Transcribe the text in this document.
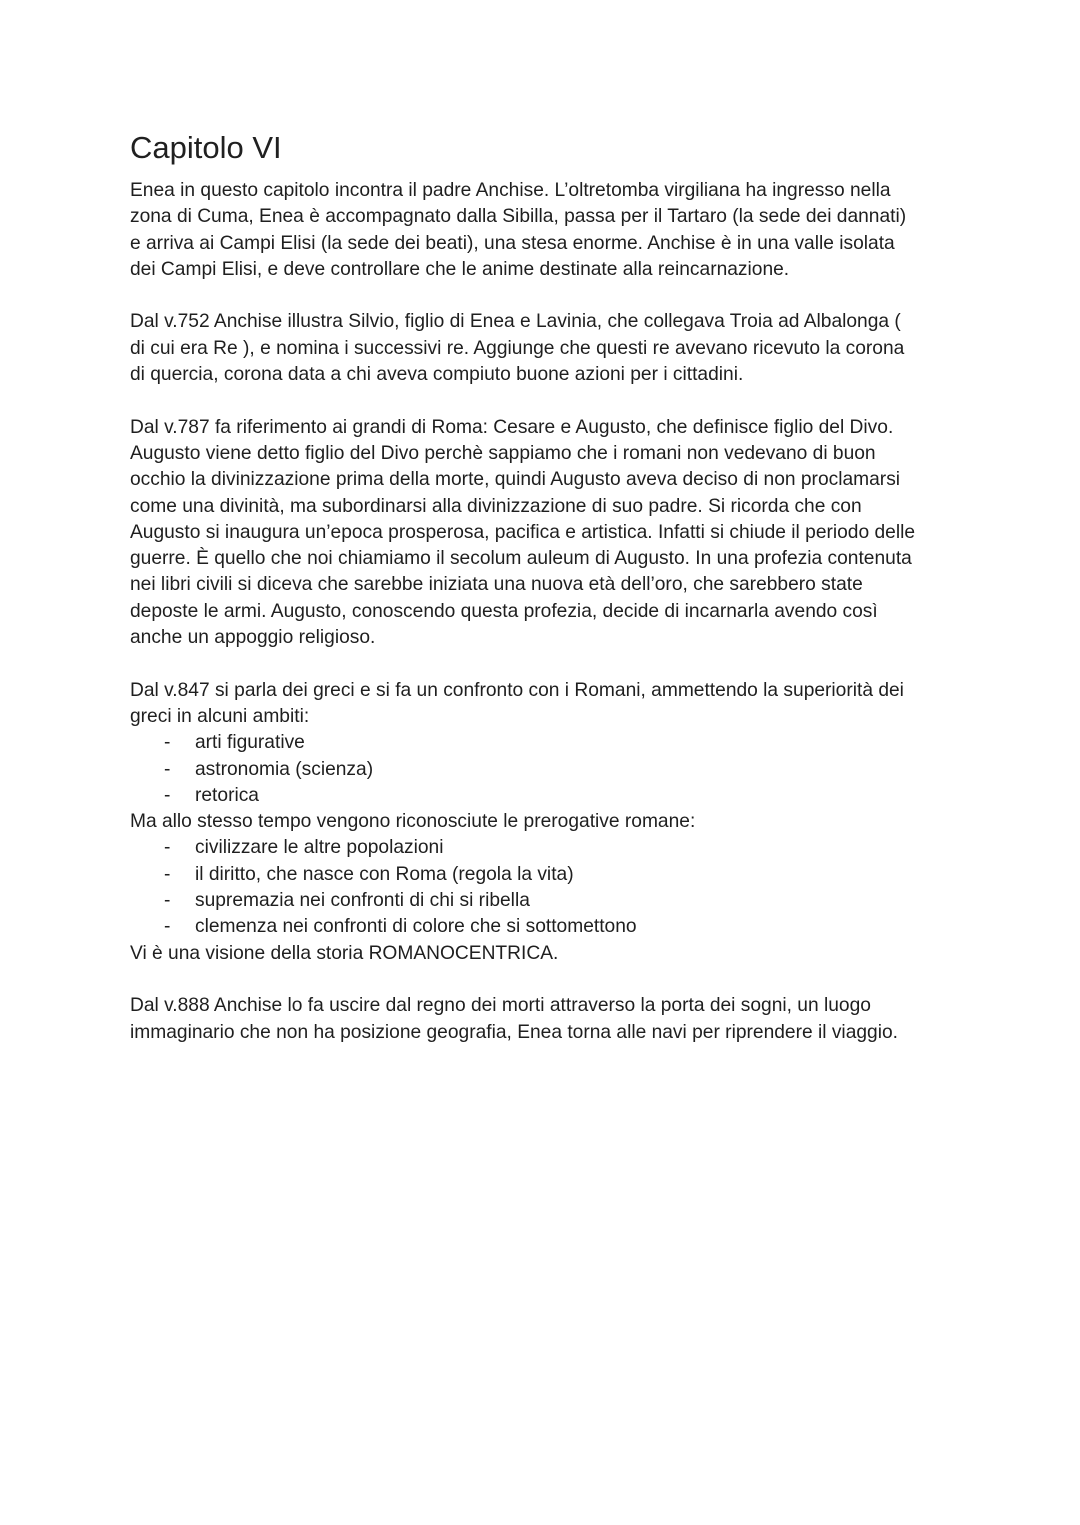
Capitolo VI
Enea in questo capitolo incontra il padre Anchise. L’oltretomba virgiliana ha ingresso nella
zona di Cuma, Enea è accompagnato dalla Sibilla, passa per il Tartaro (la sede dei dannati)
e arriva ai Campi Elisi (la sede dei beati), una stesa enorme. Anchise è in una valle isolata
dei Campi Elisi, e deve controllare che le anime destinate alla reincarnazione.
Dal v.752 Anchise illustra Silvio, figlio di Enea e Lavinia, che collegava Troia ad Albalonga (
di cui era Re ), e nomina i successivi re. Aggiunge che questi re avevano ricevuto la corona
di quercia, corona data a chi aveva compiuto buone azioni per i cittadini.
Dal v.787 fa riferimento ai grandi di Roma: Cesare e Augusto, che definisce figlio del Divo.
Augusto viene detto figlio del Divo perchè sappiamo che i romani non vedevano di buon
occhio la divinizzazione prima della morte, quindi Augusto aveva deciso di non proclamarsi
come una divinità, ma subordinarsi alla divinizzazione di suo padre. Si ricorda che con
Augusto si inaugura un’epoca prosperosa, pacifica e artistica. Infatti si chiude il periodo delle
guerre. È quello che noi chiamiamo il secolum auleum di Augusto. In una profezia contenuta
nei libri civili si diceva che sarebbe iniziata una nuova età dell’oro, che sarebbero state
deposte le armi. Augusto, conoscendo questa profezia, decide di incarnarla avendo così
anche un appoggio religioso.
Dal v.847 si parla dei greci e si fa un confronto con i Romani, ammettendo la superiorità dei
greci in alcuni ambiti:
- arti figurative
- astronomia (scienza)
- retorica
Ma allo stesso tempo vengono riconosciute le prerogative romane:
- civilizzare le altre popolazioni
- il diritto, che nasce con Roma (regola la vita)
- supremazia nei confronti di chi si ribella
- clemenza nei confronti di colore che si sottomettono
Vi è una visione della storia ROMANOCENTRICA.
Dal v.888 Anchise lo fa uscire dal regno dei morti attraverso la porta dei sogni, un luogo
immaginario che non ha posizione geografia, Enea torna alle navi per riprendere il viaggio.
